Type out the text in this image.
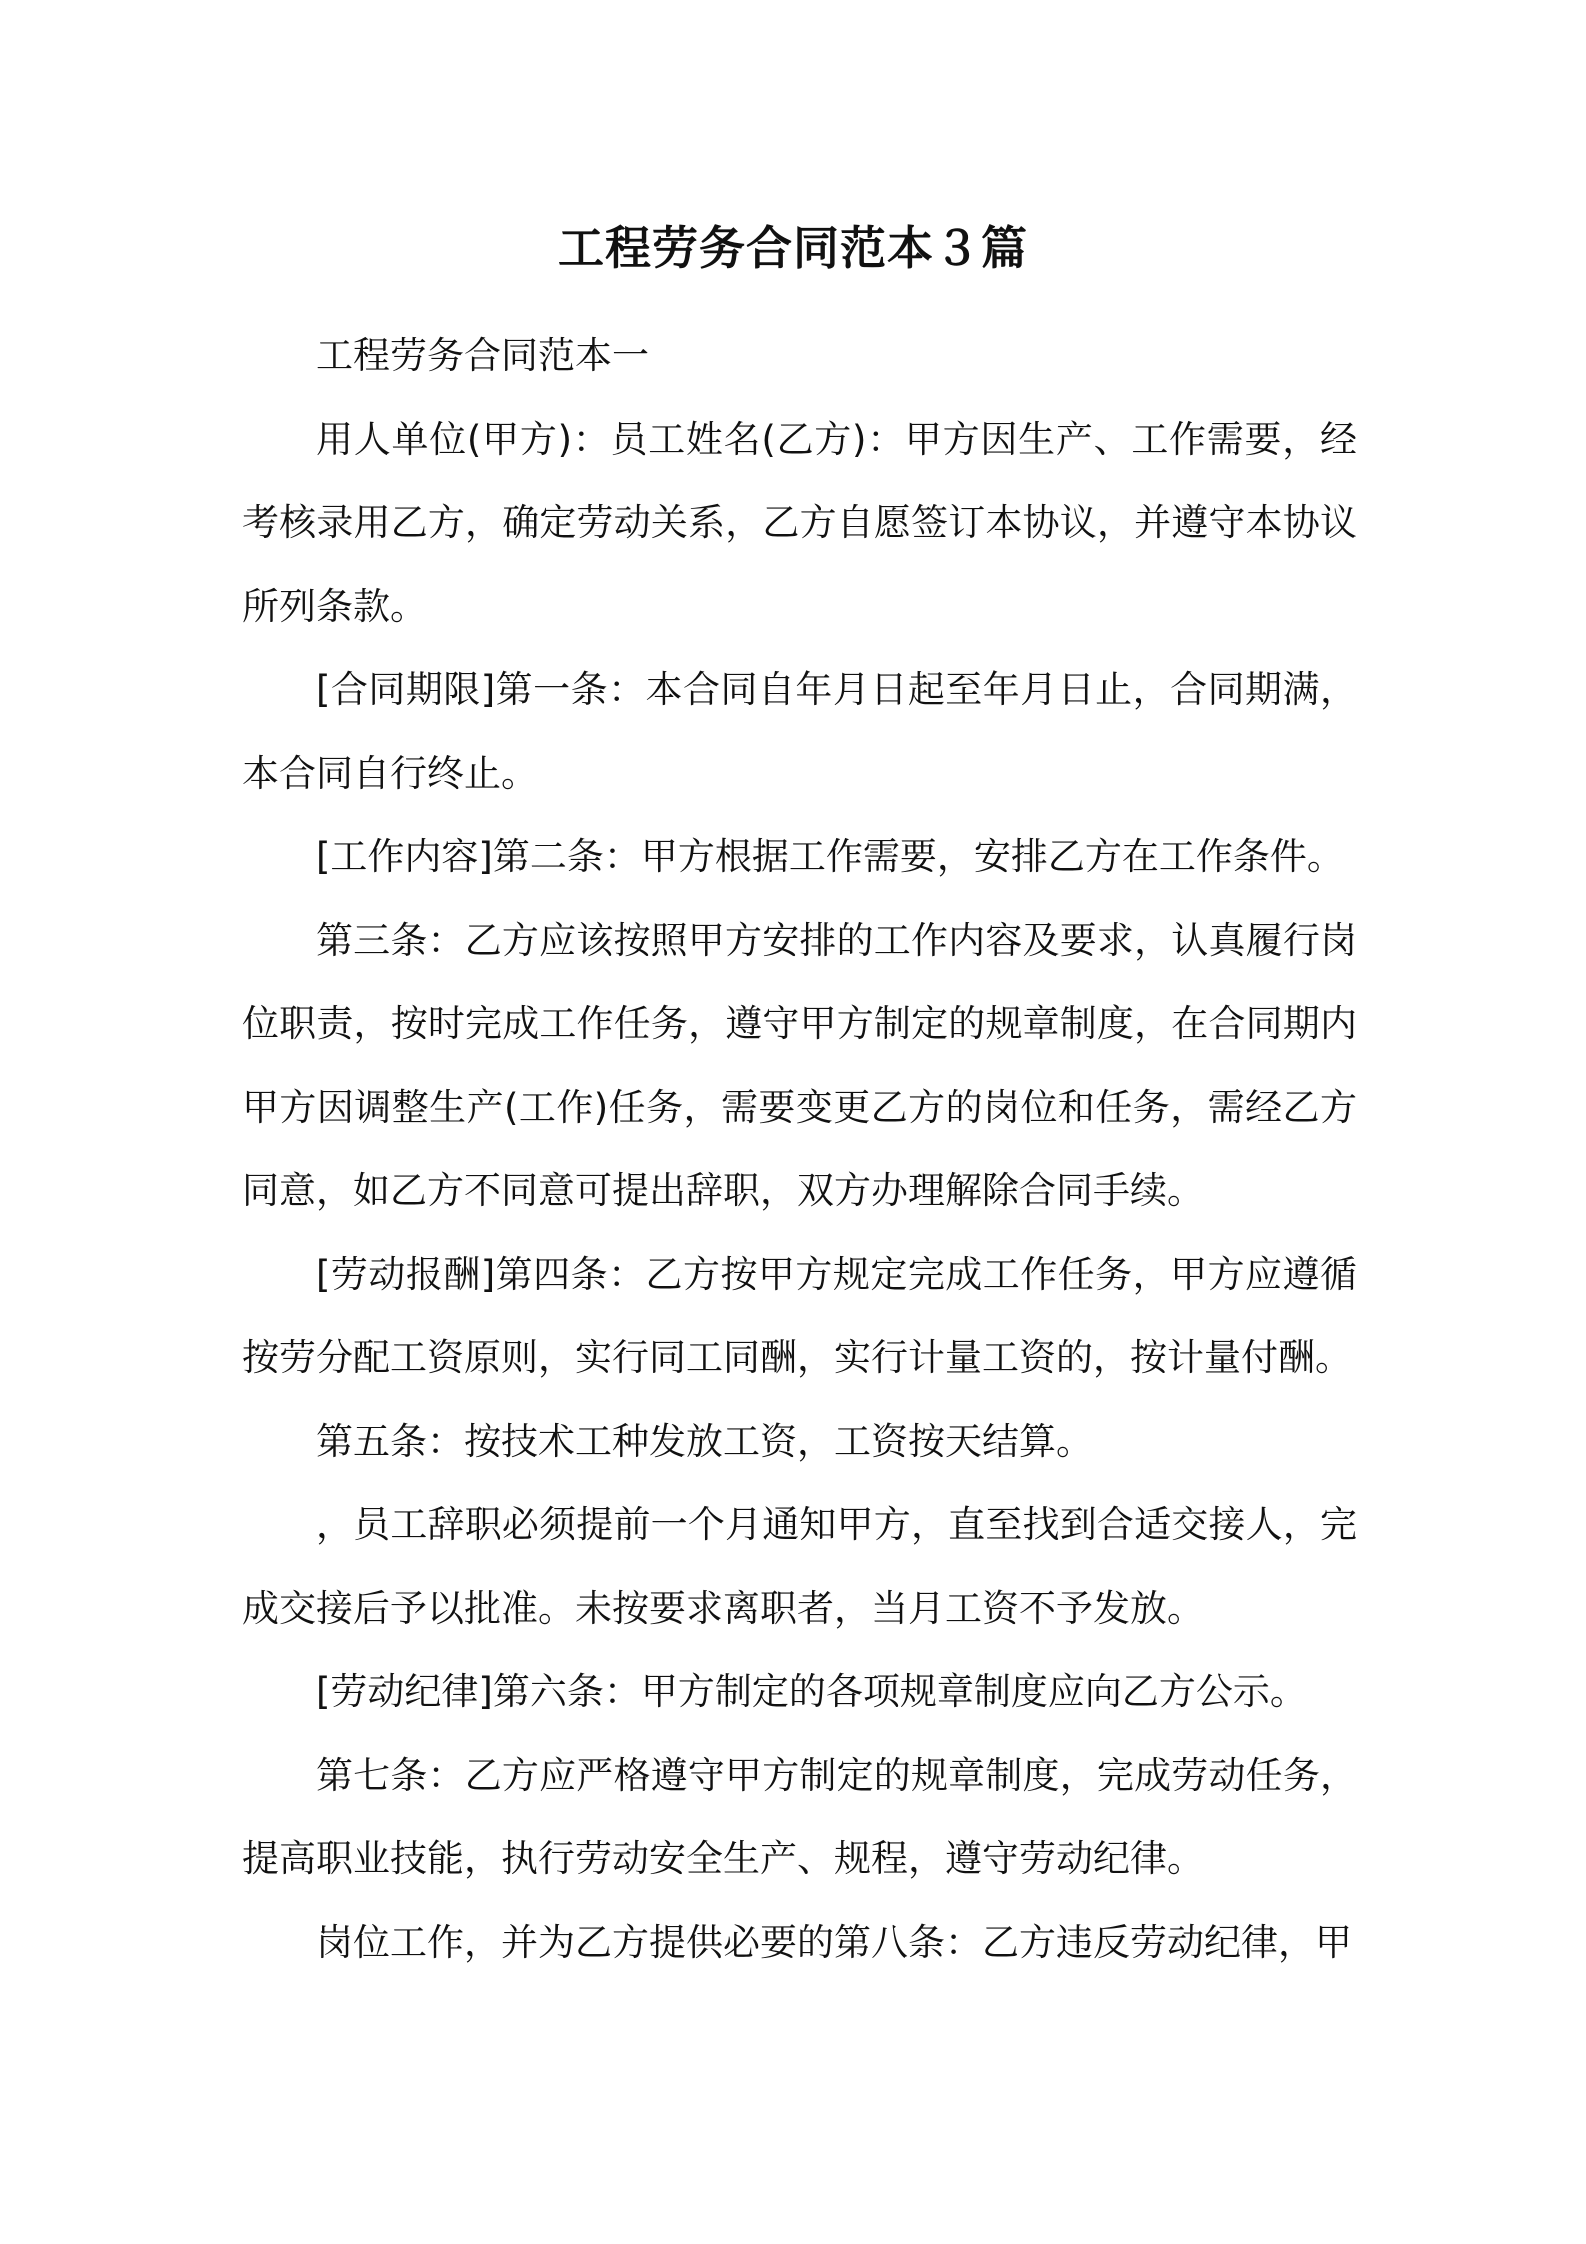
工程劳务合同范本３篇

工程劳务合同范本一

用人单位(甲方)：员工姓名(乙方)：甲方因生产、工作需要，经考核录用乙方，确定劳动关系，乙方自愿签订本协议，并遵守本协议所列条款。

[合同期限]第一条：本合同自年月日起至年月日止，合同期满，本合同自行终止。

[工作内容]第二条：甲方根据工作需要，安排乙方在工作条件。

第三条：乙方应该按照甲方安排的工作内容及要求，认真履行岗位职责，按时完成工作任务，遵守甲方制定的规章制度，在合同期内甲方因调整生产(工作)任务，需要变更乙方的岗位和任务，需经乙方同意，如乙方不同意可提出辞职，双方办理解除合同手续。

[劳动报酬]第四条：乙方按甲方规定完成工作任务，甲方应遵循按劳分配工资原则，实行同工同酬，实行计量工资的，按计量付酬。

第五条：按技术工种发放工资，工资按天结算。

，员工辞职必须提前一个月通知甲方，直至找到合适交接人，完成交接后予以批准。未按要求离职者，当月工资不予发放。

[劳动纪律]第六条：甲方制定的各项规章制度应向乙方公示。

第七条：乙方应严格遵守甲方制定的规章制度，完成劳动任务，提高职业技能，执行劳动安全生产、规程，遵守劳动纪律。

岗位工作，并为乙方提供必要的第八条：乙方违反劳动纪律，甲
